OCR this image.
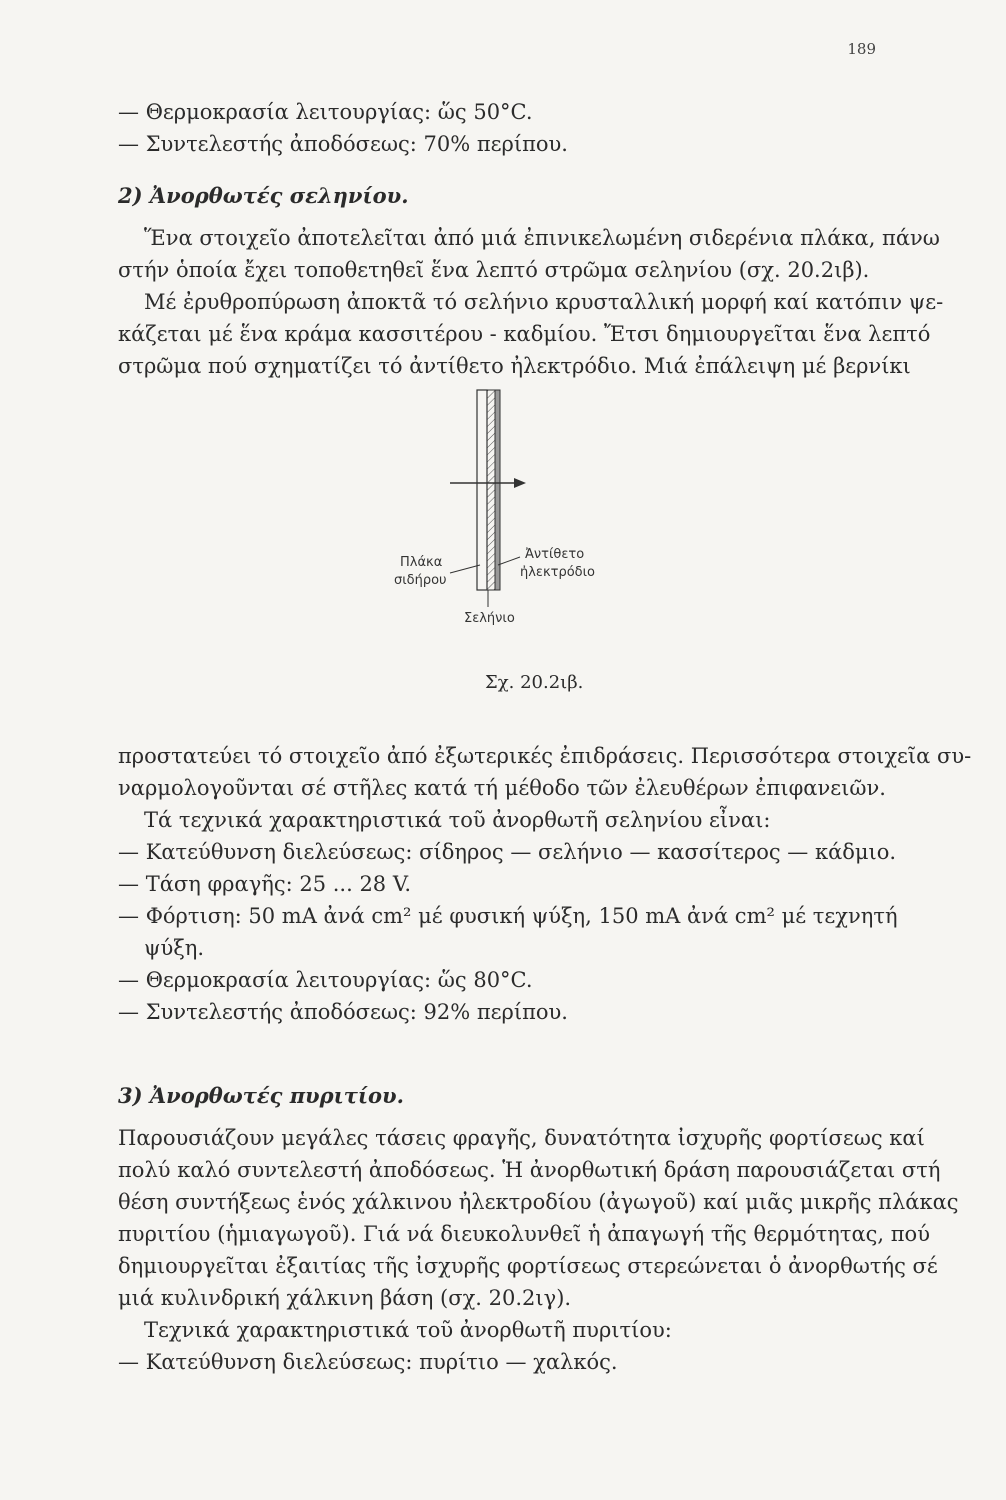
189
— Θερμοκρασία λειτουργίας: ὥς 50°C.
— Συντελεστής ἀποδόσεως: 70% περίπου.
2) Ἀνορθωτές σεληνίου.
Ἕνα στοιχεῖο ἀποτελεῖται ἀπό μιά ἐπινικελωμένη σιδερένια πλάκα, πάνω
στήν ὁποία ἔχει τοποθετηθεῖ ἕνα λεπτό στρῶμα σεληνίου (σχ. 20.2ιβ).
Μέ ἐρυθροπύρωση ἀποκτᾶ τό σελήνιο κρυσταλλική μορφή καί κατόπιν ψε-
κάζεται μέ ἕνα κράμα κασσιτέρου - καδμίου. Ἔτσι δημιουργεῖται ἕνα λεπτό
στρῶμα πού σχηματίζει τό ἀντίθετο ἠλεκτρόδιο. Μιά ἐπάλειψη μέ βερνίκι
Πλάκα
σιδήρου
Ἀντίθετο
ἠλεκτρόδιο
Σελήνιο
Σχ. 20.2ιβ.
προστατεύει τό στοιχεῖο ἀπό ἐξωτερικές ἐπιδράσεις. Περισσότερα στοιχεῖα συ-
ναρμολογοῦνται σέ στῆλες κατά τή μέθοδο τῶν ἐλευθέρων ἐπιφανειῶν.
Τά τεχνικά χαρακτηριστικά τοῦ ἀνορθωτῆ σεληνίου εἶναι:
— Κατεύθυνση διελεύσεως: σίδηρος — σελήνιο — κασσίτερος — κάδμιο.
— Τάση φραγῆς: 25 ... 28 V.
— Φόρτιση: 50 mA ἀνά cm² μέ φυσική ψύξη, 150 mA ἀνά cm² μέ τεχνητή
ψύξη.
— Θερμοκρασία λειτουργίας: ὥς 80°C.
— Συντελεστής ἀποδόσεως: 92% περίπου.
3) Ἀνορθωτές πυριτίου.
Παρουσιάζουν μεγάλες τάσεις φραγῆς, δυνατότητα ἰσχυρῆς φορτίσεως καί
πολύ καλό συντελεστή ἀποδόσεως. Ἡ ἀνορθωτική δράση παρουσιάζεται στή
θέση συντήξεως ἑνός χάλκινου ἠλεκτροδίου (ἀγωγοῦ) καί μιᾶς μικρῆς πλάκας
πυριτίου (ἡμιαγωγοῦ). Γιά νά διευκολυνθεῖ ἡ ἀπαγωγή τῆς θερμότητας, πού
δημιουργεῖται ἐξαιτίας τῆς ἰσχυρῆς φορτίσεως στερεώνεται ὁ ἀνορθωτής σέ
μιά κυλινδρική χάλκινη βάση (σχ. 20.2ιγ).
Τεχνικά χαρακτηριστικά τοῦ ἀνορθωτῆ πυριτίου:
— Κατεύθυνση διελεύσεως: πυρίτιο — χαλκός.
